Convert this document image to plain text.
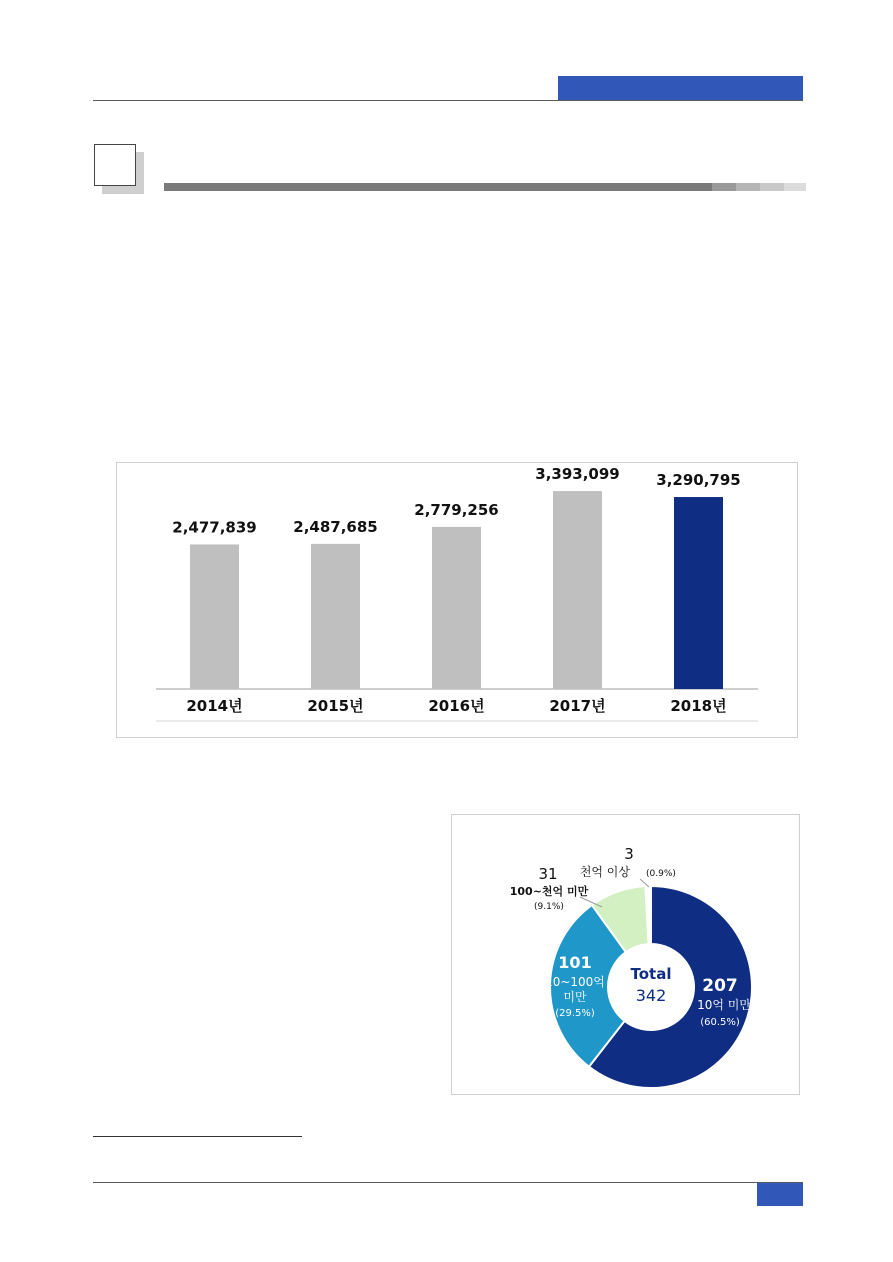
2,477,839
2014년
2,487,685
2015년
2,779,256
2016년
3,393,099
2017년
3,290,795
2018년
Total
342 207
10억 미만
(60.5%)
101
10~100억
미만
(29.5%)
31
100~천억 미만
(9.1%)
3
천억 이상 (0.9%)
